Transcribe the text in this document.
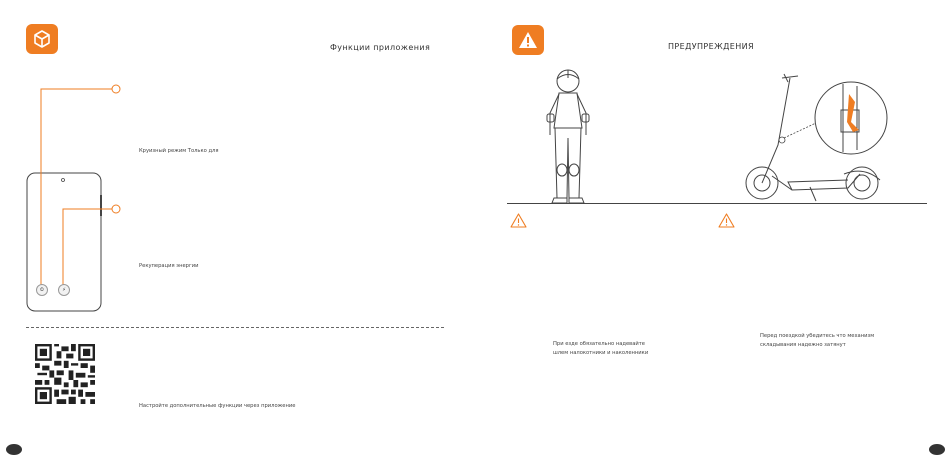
Функции приложения
⏲	⚡
Круизный режим Только для
Рекуперация энергии
Настройте дополнительные функции через приложение
ПРЕДУПРЕЖДЕНИЯ
При езде обязательно надевайте
шлем налокотники и наколенники
Перед поездкой убедитесь что механизм
складывания надежно затянут
